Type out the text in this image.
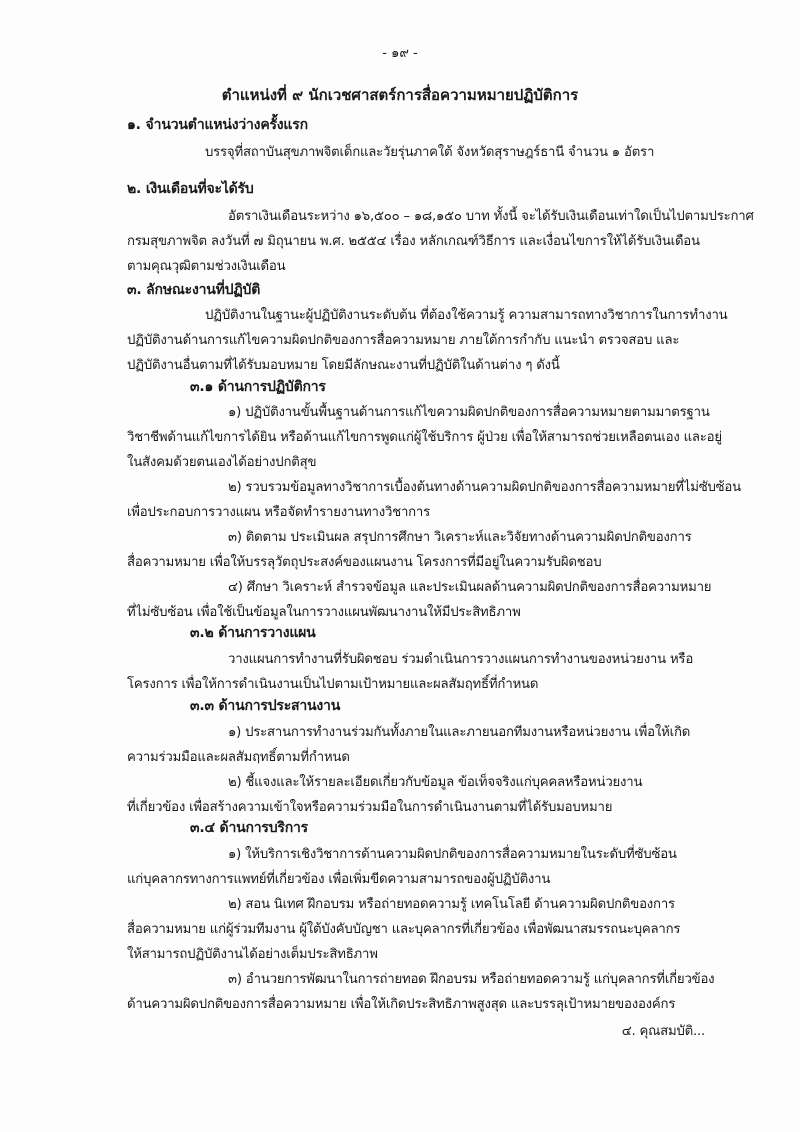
- ๑๙ -
ตำแหน่งที่ ๙ นักเวชศาสตร์การสื่อความหมายปฏิบัติการ
๑. จำนวนตำแหน่งว่างครั้งแรก
บรรจุที่สถาบันสุขภาพจิตเด็กและวัยรุ่นภาคใต้ จังหวัดสุราษฎร์ธานี จำนวน ๑ อัตรา
๒. เงินเดือนที่จะได้รับ
อัตราเงินเดือนระหว่าง ๑๖,๕๐๐ – ๑๘,๑๕๐ บาท ทั้งนี้ จะได้รับเงินเดือนเท่าใดเป็นไปตามประกาศ
กรมสุขภาพจิต ลงวันที่ ๗ มิถุนายน พ.ศ. ๒๕๕๔ เรื่อง หลักเกณฑ์วิธีการ และเงื่อนไขการให้ได้รับเงินเดือน
ตามคุณวุฒิตามช่วงเงินเดือน
๓. ลักษณะงานที่ปฏิบัติ
ปฏิบัติงานในฐานะผู้ปฏิบัติงานระดับต้น ที่ต้องใช้ความรู้ ความสามารถทางวิชาการในการทำงาน
ปฏิบัติงานด้านการแก้ไขความผิดปกติของการสื่อความหมาย ภายใต้การกำกับ แนะนำ ตรวจสอบ และ
ปฏิบัติงานอื่นตามที่ได้รับมอบหมาย โดยมีลักษณะงานที่ปฏิบัติในด้านต่าง ๆ ดังนี้
๓.๑ ด้านการปฏิบัติการ
๑) ปฏิบัติงานขั้นพื้นฐานด้านการแก้ไขความผิดปกติของการสื่อความหมายตามมาตรฐาน
วิชาชีพด้านแก้ไขการได้ยิน หรือด้านแก้ไขการพูดแก่ผู้ใช้บริการ ผู้ป่วย เพื่อให้สามารถช่วยเหลือตนเอง และอยู่
ในสังคมด้วยตนเองได้อย่างปกติสุข
๒) รวบรวมข้อมูลทางวิชาการเบื้องต้นทางด้านความผิดปกติของการสื่อความหมายที่ไม่ซับซ้อน
เพื่อประกอบการวางแผน หรือจัดทำรายงานทางวิชาการ
๓) ติดตาม ประเมินผล สรุปการศึกษา วิเคราะห์และวิจัยทางด้านความผิดปกติของการ
สื่อความหมาย เพื่อให้บรรลุวัตถุประสงค์ของแผนงาน โครงการที่มีอยู่ในความรับผิดชอบ
๔) ศึกษา วิเคราะห์ สำรวจข้อมูล และประเมินผลด้านความผิดปกติของการสื่อความหมาย
ที่ไม่ซับซ้อน เพื่อใช้เป็นข้อมูลในการวางแผนพัฒนางานให้มีประสิทธิภาพ
๓.๒ ด้านการวางแผน
วางแผนการทำงานที่รับผิดชอบ ร่วมดำเนินการวางแผนการทำงานของหน่วยงาน หรือ
โครงการ เพื่อให้การดำเนินงานเป็นไปตามเป้าหมายและผลสัมฤทธิ์ที่กำหนด
๓.๓ ด้านการประสานงาน
๑) ประสานการทำงานร่วมกันทั้งภายในและภายนอกทีมงานหรือหน่วยงาน เพื่อให้เกิด
ความร่วมมือและผลสัมฤทธิ์ตามที่กำหนด
๒) ชี้แจงและให้รายละเอียดเกี่ยวกับข้อมูล ข้อเท็จจริงแก่บุคคลหรือหน่วยงาน
ที่เกี่ยวข้อง เพื่อสร้างความเข้าใจหรือความร่วมมือในการดำเนินงานตามที่ได้รับมอบหมาย
๓.๔ ด้านการบริการ
๑) ให้บริการเชิงวิชาการด้านความผิดปกติของการสื่อความหมายในระดับที่ซับซ้อน
แก่บุคลากรทางการแพทย์ที่เกี่ยวข้อง เพื่อเพิ่มขีดความสามารถของผู้ปฏิบัติงาน
๒) สอน นิเทศ ฝึกอบรม หรือถ่ายทอดความรู้ เทคโนโลยี ด้านความผิดปกติของการ
สื่อความหมาย แก่ผู้ร่วมทีมงาน ผู้ใต้บังคับบัญชา และบุคลากรที่เกี่ยวข้อง เพื่อพัฒนาสมรรถนะบุคลากร
ให้สามารถปฏิบัติงานได้อย่างเต็มประสิทธิภาพ
๓) อำนวยการพัฒนาในการถ่ายทอด ฝึกอบรม หรือถ่ายทอดความรู้ แก่บุคลากรที่เกี่ยวข้อง
ด้านความผิดปกติของการสื่อความหมาย เพื่อให้เกิดประสิทธิภาพสูงสุด และบรรลุเป้าหมายขององค์กร
๔. คุณสมบัติ...
